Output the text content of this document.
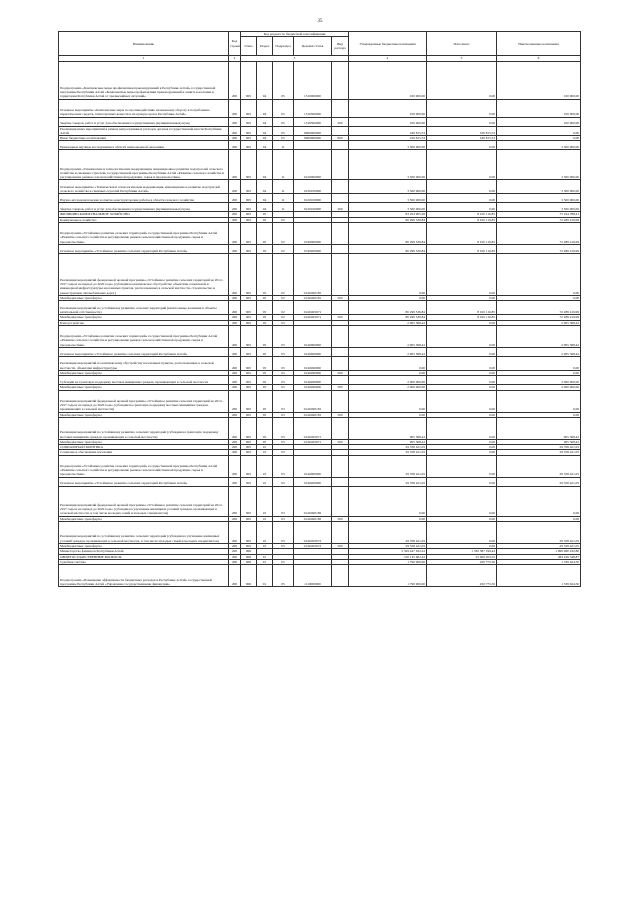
35
Наименование	Код строки	Код раздела по бюджетной классификации					Утвержденные бюджетные назначения	Исполнено	Неисполненные назначения
		Глава	Раздел	Подраздел	Целевая статья	Вид расхода			
1	2	3					4	5	6
Подпрограмма «Комплексные меры профилактики правонарушений в Республике Алтай» государственной программы Республики Алтай «Комплексные меры профилактики правонарушений и защита населения и территории Республики Алтай от чрезвычайных ситуаций»	200	905	04	05	1510000000		100 000,00	0,00	100 000,00
Основное мероприятие «Комплексные меры по противодействию незаконному обороту и потреблению наркотических средств, психотропных веществ и их прекурсоров в Республике Алтай»	200	905	04	05	1510300000		100 000,00	0,00	100 000,00
Закупка товаров, работ и услуг для обеспечения государственных (муниципальных) нужд	200	905	04	05	1510300000	200	100 000,00	0,00	100 000,00
Реализация иных мероприятий в рамках непрограммных расходов органов государственной власти Республики Алтай	200	905	04	05	9900000000		169 815,53	169 815,53	0,00
Иные бюджетные ассигнования	200	905	04	05	9900000000	800	169 815,53	169 815,53	0,00
Прикладные научные исследования в области национальной экономики	200	905	04	11			3 500 000,00	0,00	3 500 000,00
Подпрограмма «Технические и технологические модернизация, инновационное развитие подотраслей сельского хозяйства и смежных отраслей» государственной программы Республики Алтай «Развитие сельского хозяйства и регулирование рынков сельскохозяйственной продукции, сырья и продовольствия»	200	905	04	11	0120000000		3 500 000,00	0,00	3 500 000,00
Основное мероприятие «Техническая и технологическая модернизация, инновационное развитие подотраслей сельского хозяйства и смежных отраслей Республики Алтай»	200	905	04	11	0120100000		3 500 000,00	0,00	3 500 000,00
Научно-исследовательские и опытно-конструкторские работы в области сельского хозяйства	200	905	04	11	0120100000		3 500 000,00	0,00	3 500 000,00
Закупка товаров, работ и услуг для обеспечения государственных (муниципальных) нужд	200	905	04	11	0120100000	200	3 500 000,00	0,00	3 500 000,00
ЖИЛИЩНО-КОММУНАЛЬНОЕ ХОЗЯЙСТВО	200	905	05				83 204 905,26	8 010 116,85	75 194 788,41
Коммунальное хозяйство	200	905	05	02			80 299 536,84	8 010 116,85	72 289 419,99
Подпрограмма «Устойчивое развитие сельских территорий» государственной программы Республики Алтай «Развитие сельского хозяйства и регулирование рынков сельскохозяйственной продукции, сырья и продовольствия»	200	905	05	02	0740000000		80 299 536,84	8 010 116,85	72 289 419,99
Основное мероприятие «Устойчивое развитие сельских территорий Республики Алтай»	200	905	05	02	0740400000		80 299 536,84	8 010 116,85	72 289 419,99
Реализация мероприятий федеральной целевой программы «Устойчивое развитие сельских территорий на 2014 - 2017 годы и на период до 2020 года» (субсидии на комплексное обустройство объектами социальной и инженерной инфраструктуры населенных пунктов, расположенных в сельской местности, строительство и реконструкцию автомобильных дорог)	200	905	05	02	01401R0181		0,00	0,00	0,00
Межбюджетные трансферты	200	905	05	02	01401R0181	500	0,00	0,00	0,00
Реализация мероприятий по устойчивому развитию сельских территорий (капитальные вложения в объекты капитальной собственности)	200	905	05	02	01401R5671		80 299 536,84	8 010 116,85	72 289 419,99
Межбюджетные трансферты	200	905	05	02	01401R5671	500	80 299 536,84	8 010 116,85	72 289 419,99
Благоустройство	200	905	05	03			2 905 368,42	0,00	2 905 368,42
Подпрограмма «Устойчивое развитие сельских территорий» государственной программы Республики Алтай «Развитие сельского хозяйства и регулирование рынков сельскохозяйственной продукции, сырья и продовольствия»	200	905	05	03	0140000000		2 905 368,42	0,00	2 905 368,42
Основное мероприятие «Устойчивое развитие сельских территорий Республики Алтай»	200	905	05	03	0140400000		2 905 368,42	0,00	2 905 368,42
Реализация мероприятий по комплексному обустройству населенных пунктов, расположенных в сельской местности, объектами инфраструктуры	200	905	05	03	0140490000		0,00	0,00	0,00
Межбюджетные трансферты	200	905	05	03	0140490000	500	0,00	0,00	0,00
Субсидии на грантовую поддержку местных инициатив граждан, проживающих в сельской местности	200	905	05	03	0140490000		2 000 000,00	0,00	2 000 000,00
Межбюджетные трансферты	200	905	05	03	0140490000	500	2 000 000,00	0,00	2 000 000,00
Реализация мероприятий федеральной целевой программы «Устойчивое развитие сельских территорий на 2014 - 2017 годы и на период до 2020 года» (субсидии на грантовую поддержку местных инициатив граждан, проживающих в сельской местности)	200	905	05	03	01401R0181		0,00	0,00	0,00
Межбюджетные трансферты	200	905	05	03	01401R0181	500	0,00	0,00	0,00
Реализация мероприятий по устойчивому развитию сельских территорий (субсидии на грантовую поддержку местных инициатив граждан, проживающих в сельской местности)	200	905	05	03	01401R5671		905 368,42	0,00	905 368,42
Межбюджетные трансферты	200	905	05	03	01401R5671	500	905 368,42	0,00	905 368,42
СОЦИАЛЬНАЯ ПОЛИТИКА	200	905	10				29 358 421,05	0,00	29 358 421,05
Социальное обеспечение населения	200	905	10	03			29 358 421,05	0,00	29 358 421,05
Подпрограмма «Устойчивое развитие сельских территорий» государственной программы Республики Алтай «Развитие сельского хозяйства и регулирование рынков сельскохозяйственной продукции, сырья и продовольствия»	200	905	10	03	0140000000		29 358 421,05	0,00	29 358 421,05
Основное мероприятие «Устойчивое развитие сельских территорий Республики Алтай»	200	905	10	03	0140400000		29 358 421,05	0,00	29 358 421,05
Реализация мероприятий федеральной целевой программы «Устойчивое развитие сельских территорий на 2014 - 2017 годы и на период до 2020 года» (субсидии на улучшение жилищных условий граждан, проживающих в сельской местности, в том числе молодых семей и молодых специалистов)	200	905	10	03	01401R0182		0,00	0,00	0,00
Межбюджетные трансферты	200	905	10	03	01401R0182	500	0,00	0,00	0,00
Реализация мероприятий по устойчивому развитию сельских территорий (субсидии на улучшение жилищных условий граждан, проживающих в сельской местности, в том числе молодых семей и молодых специалистов)	200	905	10	03	01401R5672		29 358 421,05	0,00	29 358 421,05
Межбюджетные трансферты	200	905	10	03	01401R5672	500	29 358 421,05	0,00	29 358 421,05
Министерство финансов Республики Алтай	200	906					3 329 447 632,22	1 330 387 199,42	1 999 060 432,80
ОБЩЕГОСУДАРСТВЕННЫЕ ВОПРОСЫ	200	906	01				310 135 602,42	25 909 053,55	284 226 548,87
Судебная система	200	906	01	05			1 790 000,00	450 775,50	1 339 624,50
Подпрограмма «Повышение эффективности бюджетных расходов в Республике Алтай» государственной программы Республики Алтай «Управление государственными финансами»	200	906	01	05	1110000000		1 790 000,00	450 775,50	1 339 624,50
